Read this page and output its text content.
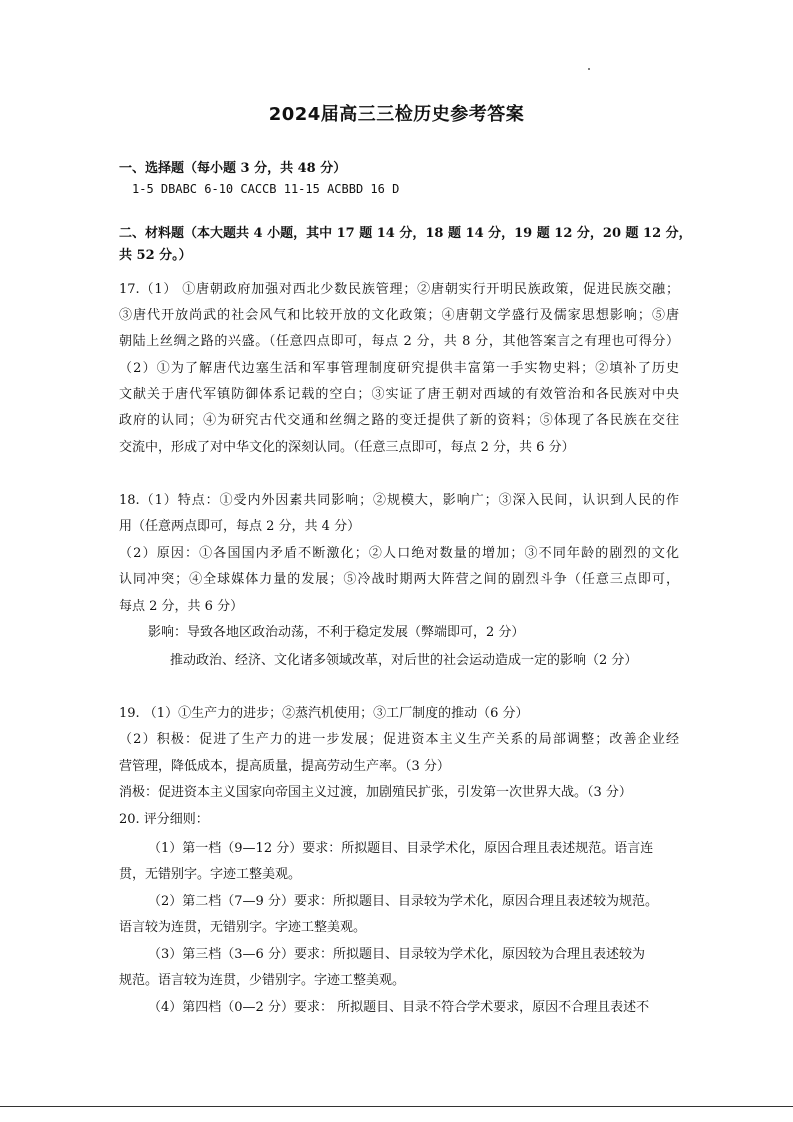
2024届高三三检历史参考答案
一、选择题（每小题 3 分，共 48 分）
1-5 DBABC 6-10 CACCB 11-15 ACBBD 16 D
二、材料题（本大题共 4 小题，其中 17 题 14 分，18 题 14 分，19 题 12 分，20 题 12 分，
共 52 分。）
17.（1） ①唐朝政府加强对西北少数民族管理；②唐朝实行开明民族政策，促进民族交融；
③唐代开放尚武的社会风气和比较开放的文化政策；④唐朝文学盛行及儒家思想影响；⑤唐
朝陆上丝绸之路的兴盛。（任意四点即可，每点 2 分，共 8 分，其他答案言之有理也可得分）
（2）①为了解唐代边塞生活和军事管理制度研究提供丰富第一手实物史料；②填补了历史
文献关于唐代军镇防御体系记载的空白；③实证了唐王朝对西域的有效管治和各民族对中央
政府的认同；④为研究古代交通和丝绸之路的变迁提供了新的资料；⑤体现了各民族在交往
交流中，形成了对中华文化的深刻认同。（任意三点即可，每点 2 分，共 6 分）
18.（1）特点：①受内外因素共同影响；②规模大，影响广；③深入民间，认识到人民的作
用（任意两点即可，每点 2 分，共 4 分）
（2）原因：①各国国内矛盾不断激化；②人口绝对数量的增加；③不同年龄的剧烈的文化
认同冲突；④全球媒体力量的发展；⑤冷战时期两大阵营之间的剧烈斗争（任意三点即可，
每点 2 分，共 6 分）
影响：导致各地区政治动荡，不利于稳定发展（弊端即可，2 分）
推动政治、经济、文化诸多领域改革，对后世的社会运动造成一定的影响（2 分）
19. （1）①生产力的进步；②蒸汽机使用；③工厂制度的推动（6 分）
（2）积极：促进了生产力的进一步发展；促进资本主义生产关系的局部调整；改善企业经
营管理，降低成本，提高质量，提高劳动生产率。（3 分）
消极：促进资本主义国家向帝国主义过渡，加剧殖民扩张，引发第一次世界大战。（3 分）
20. 评分细则：
（1）第一档（9—12 分）要求：所拟题目、目录学术化，原因合理且表述规范。语言连
贯，无错别字。字迹工整美观。
（2）第二档（7—9 分）要求：所拟题目、目录较为学术化，原因合理且表述较为规范。
语言较为连贯，无错别字。字迹工整美观。
（3）第三档（3—6 分）要求：所拟题目、目录较为学术化，原因较为合理且表述较为
规范。语言较为连贯，少错别字。字迹工整美观。
（4）第四档（0—2 分）要求： 所拟题目、目录不符合学术要求，原因不合理且表述不
